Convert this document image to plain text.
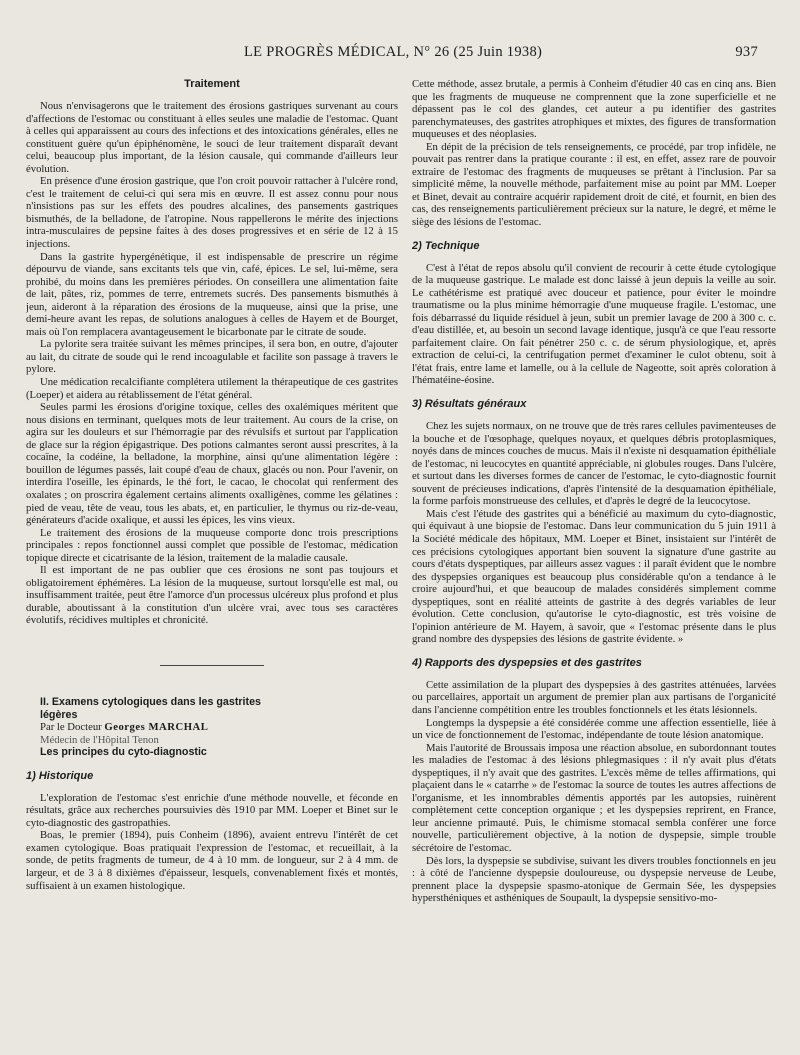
LE PROGRÈS MÉDICAL, N° 26 (25 Juin 1938)	937
Traitement

Nous n'envisagerons que le traitement des érosions gastriques survenant au cours d'affections de l'estomac ou constituant à elles seules une maladie de l'estomac. Quant à celles qui apparaissent au cours des infections et des intoxications générales, elles ne constituent guère qu'un épiphénomène, le souci de leur traitement disparaît devant celui, beaucoup plus important, de la lésion causale, qui commande d'ailleurs leur évolution.

En présence d'une érosion gastrique, que l'on croit pouvoir rattacher à l'ulcère rond, c'est le traitement de celui-ci qui sera mis en œuvre. Il est assez connu pour nous n'insistions pas sur les effets des poudres alcalines, des pansements gastriques bismuthés, de la belladone, de l'atropine. Nous rappellerons le mérite des injections intra-musculaires de pepsine faites à des doses progressives et en série de 12 à 15 injections.

Dans la gastrite hypergénétique, il est indispensable de prescrire un régime dépourvu de viande, sans excitants tels que vin, café, épices. Le sel, lui-même, sera prohibé, du moins dans les premières périodes. On conseillera une alimentation faite de lait, pâtes, riz, pommes de terre, entremets sucrés. Des pansements bismuthés à jeun, aideront à la réparation des érosions de la muqueuse, ainsi que la prise, une demi-heure avant les repas, de solutions analogues à celles de Hayem et de Bourget, mais où l'on remplacera avantageusement le bicarbonate par le citrate de soude.

La pylorite sera traitée suivant les mêmes principes, il sera bon, en outre, d'ajouter au lait, du citrate de soude qui le rend incoagulable et facilite son passage à travers le pylore.

Une médication recalcifiante complétera utilement la thérapeutique de ces gastrites (Loeper) et aidera au rétablissement de l'état général.

Seules parmi les érosions d'origine toxique, celles des oxalémiques méritent que nous disions en terminant, quelques mots de leur traitement. Au cours de la crise, on agira sur les douleurs et sur l'hémorragie par des révulsifs et surtout par l'application de glace sur la région épigastrique. Des potions calmantes seront aussi prescrites, à la cocaïne, la codéine, la belladone, la morphine, ainsi qu'une alimentation légère : bouillon de légumes passés, lait coupé d'eau de chaux, glacés ou non. Pour l'avenir, on interdira l'oseille, les épinards, le thé fort, le cacao, le chocolat qui renferment des oxalates ; on proscrira également certains aliments oxalligènes, comme les gélatines : pied de veau, tête de veau, tous les abats, et, en particulier, le thymus ou riz-de-veau, générateurs d'acide oxalique, et aussi les épices, les vins vieux.

Le traitement des érosions de la muqueuse comporte donc trois prescriptions principales : repos fonctionnel aussi complet que possible de l'estomac, médication topique directe et cicatrisante de la lésion, traitement de la maladie causale.

Il est important de ne pas oublier que ces érosions ne sont pas toujours et obligatoirement éphémères. La lésion de la muqueuse, surtout lorsqu'elle est mal, ou insuffisamment traitée, peut être l'amorce d'un processus ulcéreux plus profond et plus durable, aboutissant à la constitution d'un ulcère vrai, avec tous ses caractères évolutifs, récidives multiples et chronicité.

II. Examens cytologiques dans les gastrites

légères

Par le Docteur Georges MARCHAL

Médecin de l'Hôpital Tenon

Les principes du cyto-diagnostic

1) Historique

L'exploration de l'estomac s'est enrichie d'une méthode nouvelle, et féconde en résultats, grâce aux recherches poursuivies dès 1910 par MM. Loeper et Binet sur le cyto-diagnostic des gastropathies.

Boas, le premier (1894), puis Conheim (1896), avaient entrevu l'intérêt de cet examen cytologique. Boas pratiquait l'expression de l'estomac, et recueillait, à la sonde, de petits fragments de tumeur, de 4 à 10 mm. de longueur, sur 2 à 4 mm. de largeur, et de 3 à 8 dixièmes d'épaisseur, lesquels, convenablement fixés et montés, suffisaient à un examen histologique.

Cette méthode, assez brutale, a permis à Conheim d'étudier 40 cas en cinq ans. Bien que les fragments de muqueuse ne comprennent que la zone superficielle et ne dépassent pas le col des glandes, cet auteur a pu identifier des gastrites parenchymateuses, des gastrites atrophiques et mixtes, des figures de transformation muqueuses et des néoplasies.

En dépit de la précision de tels renseignements, ce procédé, par trop infidèle, ne pouvait pas rentrer dans la pratique courante : il est, en effet, assez rare de pouvoir extraire de l'estomac des fragments de muqueuses se prêtant à l'inclusion. Par sa simplicité même, la nouvelle méthode, parfaitement mise au point par MM. Loeper et Binet, devait au contraire acquérir rapidement droit de cité, et fournit, en bien des cas, des renseignements particulièrement précieux sur la nature, le degré, et même le siège des lésions de l'estomac.

2) Technique

C'est à l'état de repos absolu qu'il convient de recourir à cette étude cytologique de la muqueuse gastrique. Le malade est donc laissé à jeun depuis la veille au soir. Le cathétérisme est pratiqué avec douceur et patience, pour éviter le moindre traumatisme ou la plus minime hémorragie d'une muqueuse fragile. L'estomac, une fois débarrassé du liquide résiduel à jeun, subit un premier lavage de 200 à 300 c. c. d'eau distillée, et, au besoin un second lavage identique, jusqu'à ce que l'eau ressorte parfaitement claire. On fait pénétrer 250 c. c. de sérum physiologique, et, après extraction de celui-ci, la centrifugation permet d'examiner le culot obtenu, soit à l'état frais, entre lame et lamelle, ou à la cellule de Nageotte, soit après coloration à l'hématéine-éosine.

3) Résultats généraux

Chez les sujets normaux, on ne trouve que de très rares cellules pavimenteuses de la bouche et de l'œsophage, quelques noyaux, et quelques débris protoplasmiques, noyés dans de minces couches de mucus. Mais il n'existe ni desquamation épithéliale de l'estomac, ni leucocytes en quantité appréciable, ni globules rouges. Dans l'ulcère, et surtout dans les diverses formes de cancer de l'estomac, le cyto-diagnostic fournit souvent de précieuses indications, d'après l'intensité de la desquamation épithéliale, la forme parfois monstrueuse des cellules, et d'après le degré de la leucocytose.

Mais c'est l'étude des gastrites qui a bénéficié au maximum du cyto-diagnostic, qui équivaut à une biopsie de l'estomac. Dans leur communication du 5 juin 1911 à la Société médicale des hôpitaux, MM. Loeper et Binet, insistaient sur l'intérêt de ces précisions cytologiques apportant bien souvent la signature d'une gastrite au cours d'états dyspeptiques, par ailleurs assez vagues : il paraît évident que le nombre des dyspepsies organiques est beaucoup plus considérable qu'on a tendance à le croire aujourd'hui, et que beaucoup de malades considérés simplement comme dyspeptiques, sont en réalité atteints de gastrite à des degrés variables de leur évolution. Cette conclusion, qu'autorise le cyto-diagnostic, est très voisine de l'opinion antérieure de M. Hayem, à savoir, que « l'estomac présente dans le plus grand nombre des dyspepsies des lésions de gastrite évidente. »

4) Rapports des dyspepsies et des gastrites

Cette assimilation de la plupart des dyspepsies à des gastrites atténuées, larvées ou parcellaires, apportait un argument de premier plan aux partisans de l'organicité dans l'ancienne compétition entre les troubles fonctionnels et les états lésionnels.

Longtemps la dyspepsie a été considérée comme une affection essentielle, liée à un vice de fonctionnement de l'estomac, indépendante de toute lésion anatomique.

Mais l'autorité de Broussais imposa une réaction absolue, en subordonnant toutes les maladies de l'estomac à des lésions phlegmasiques : il n'y avait plus d'états dyspeptiques, il n'y avait que des gastrites. L'excès même de telles affirmations, qui plaçaient dans le « catarrhe » de l'estomac la source de toutes les autres affections de l'organisme, et les innombrables démentis apportés par les autopsies, ruinèrent complètement cette conception organique ; et les dyspepsies reprirent, en France, leur ancienne primauté. Puis, le chimisme stomacal sembla conférer une force nouvelle, particulièrement objective, à la notion de dyspepsie, simple trouble sécrétoire de l'estomac.

Dès lors, la dyspepsie se subdivise, suivant les divers troubles fonctionnels en jeu : à côté de l'ancienne dyspepsie douloureuse, ou dyspepsie nerveuse de Leube, prennent place la dyspepsie spasmo-atonique de Germain Sée, les dyspepsies hypersthéniques et asthéniques de Soupault, la dyspepsie sensitivo-mo-
